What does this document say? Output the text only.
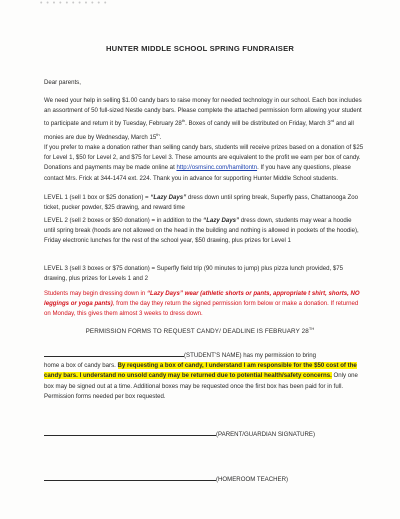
• • • • • • • • • • •
HUNTER MIDDLE SCHOOL SPRING FUNDRAISER
Dear parents,
We need your help in selling $1.00 candy bars to raise money for needed technology in our school. Each box includes an assortment of 50 full-sized Nestle candy bars. Please complete the attached permission form allowing your student to participate and return it by Tuesday, February 28th. Boxes of candy will be distributed on Friday, March 3rd and all monies are due by Wednesday, March 15th.
If you prefer to make a donation rather than selling candy bars, students will receive prizes based on a donation of $25 for Level 1, $50 for Level 2, and $75 for Level 3. These amounts are equivalent to the profit we earn per box of candy. Donations and payments may be made online at http://osmsinc.com/hamiltontn. If you have any questions, please contact Mrs. Frick at 344-1474 ext. 224. Thank you in advance for supporting Hunter Middle School students.
LEVEL 1 (sell 1 box or $25 donation) = “Lazy Days” dress down until spring break, Superfly pass, Chattanooga Zoo ticket, pucker powder, $25 drawing, and reward time
LEVEL 2 (sell 2 boxes or $50 donation) = in addition to the “Lazy Days” dress down, students may wear a hoodie until spring break (hoods are not allowed on the head in the building and nothing is allowed in pockets of the hoodie), Friday electronic lunches for the rest of the school year, $50 drawing, plus prizes for Level 1
LEVEL 3 (sell 3 boxes or $75 donation) = Superfly field trip (90 minutes to jump) plus pizza lunch provided, $75 drawing, plus prizes for Levels 1 and 2
Students may begin dressing down in “Lazy Days” wear (athletic shorts or pants, appropriate t shirt, shorts, NO leggings or yoga pants), from the day they return the signed permission form below or make a donation. If returned on Monday, this gives them almost 3 weeks to dress down.
PERMISSION FORMS TO REQUEST CANDY/ DEADLINE IS FEBRUARY 28TH
(STUDENT’S NAME) has my permission to bring
home a box of candy bars. By requesting a box of candy, I understand I am responsible for the $50 cost of the candy bars. I understand no unsold candy may be returned due to potential health/safety concerns. Only one box may be signed out at a time. Additional boxes may be requested once the first box has been paid for in full. Permission forms needed per box requested.
(PARENT/GUARDIAN SIGNATURE)
(HOMEROOM TEACHER)
